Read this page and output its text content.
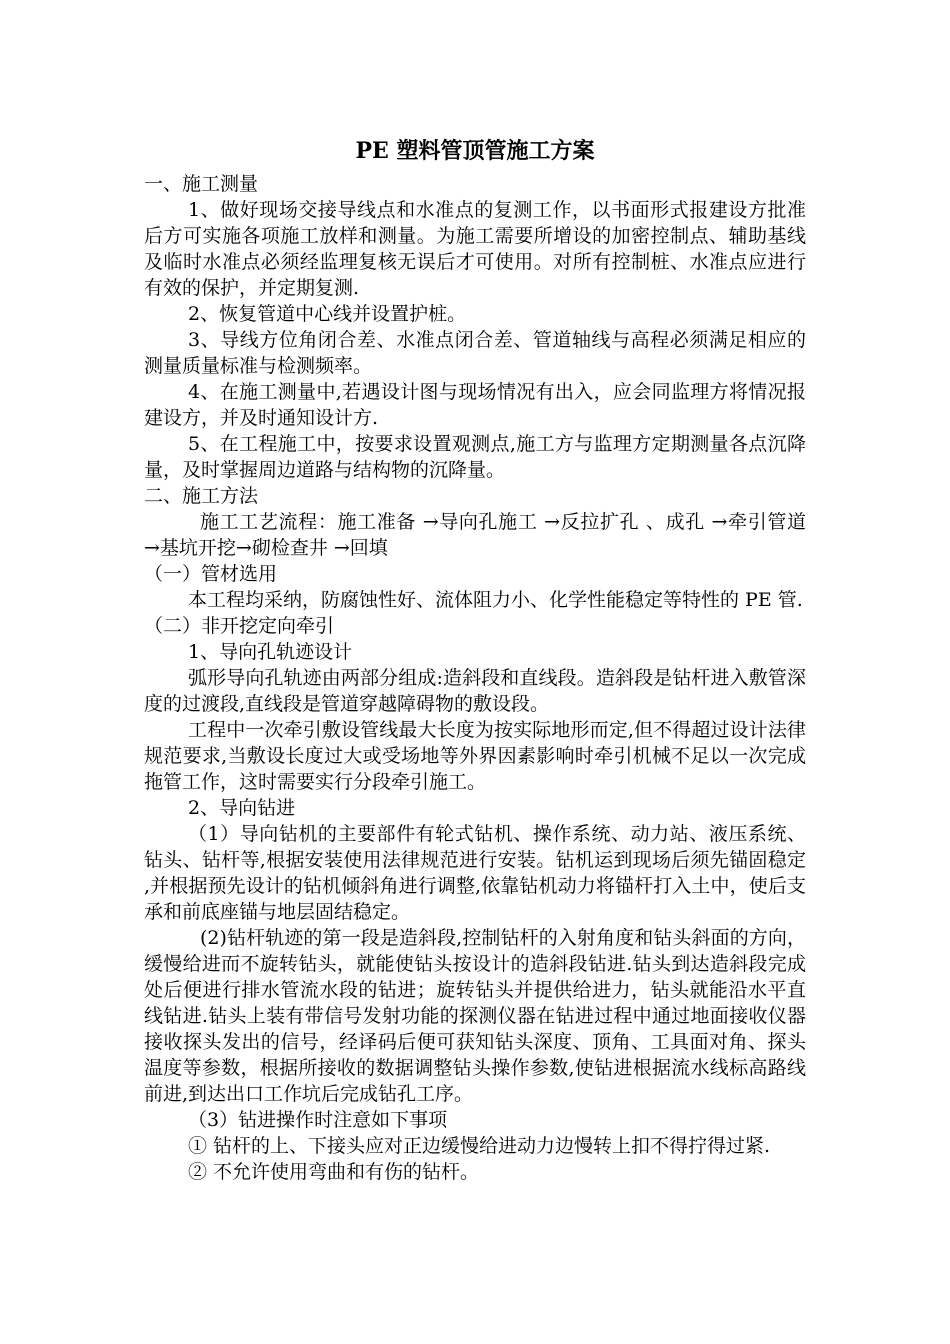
PE 塑料管顶管施工方案

一、施工测量

1、做好现场交接导线点和水准点的复测工作，以书面形式报建设方批准后方可实施各项施工放样和测量。为施工需要所增设的加密控制点、辅助基线及临时水准点必须经监理复核无误后才可使用。对所有控制桩、水准点应进行有效的保护，并定期复测.

2、恢复管道中心线并设置护桩。

3、导线方位角闭合差、水准点闭合差、管道轴线与高程必须满足相应的测量质量标准与检测频率。

4、在施工测量中,若遇设计图与现场情况有出入，应会同监理方将情况报建设方，并及时通知设计方.

5、在工程施工中，按要求设置观测点,施工方与监理方定期测量各点沉降量，及时掌握周边道路与结构物的沉降量。

二、施工方法

施工工艺流程：施工准备 →导向孔施工 →反拉扩孔 、成孔 →牵引管道 →基坑开挖→砌检查井 →回填

（一）管材选用

本工程均采纳，防腐蚀性好、流体阻力小、化学性能稳定等特性的 PE 管.

（二）非开挖定向牵引

1、导向孔轨迹设计

弧形导向孔轨迹由两部分组成:造斜段和直线段。造斜段是钻杆进入敷管深度的过渡段,直线段是管道穿越障碍物的敷设段。

工程中一次牵引敷设管线最大长度为按实际地形而定,但不得超过设计法律规范要求,当敷设长度过大或受场地等外界因素影响时牵引机械不足以一次完成拖管工作，这时需要实行分段牵引施工。

2、导向钻进

（1）导向钻机的主要部件有轮式钻机、操作系统、动力站、液压系统、钻头、钻杆等,根据安装使用法律规范进行安装。钻机运到现场后须先锚固稳定 ,并根据预先设计的钻机倾斜角进行调整,依靠钻机动力将锚杆打入土中，使后支承和前底座锚与地层固结稳定。

(2)钻杆轨迹的第一段是造斜段,控制钻杆的入射角度和钻头斜面的方向，缓慢给进而不旋转钻头，就能使钻头按设计的造斜段钻进.钻头到达造斜段完成处后便进行排水管流水段的钻进；旋转钻头并提供给进力，钻头就能沿水平直线钻进.钻头上装有带信号发射功能的探测仪器在钻进过程中通过地面接收仪器接收探头发出的信号，经译码后便可获知钻头深度、顶角、工具面对角、探头温度等参数，根据所接收的数据调整钻头操作参数,使钻进根据流水线标高路线前进,到达出口工作坑后完成钻孔工序。

（3）钻进操作时注意如下事项

① 钻杆的上、下接头应对正边缓慢给进动力边慢转上扣不得拧得过紧.

② 不允许使用弯曲和有伤的钻杆。
